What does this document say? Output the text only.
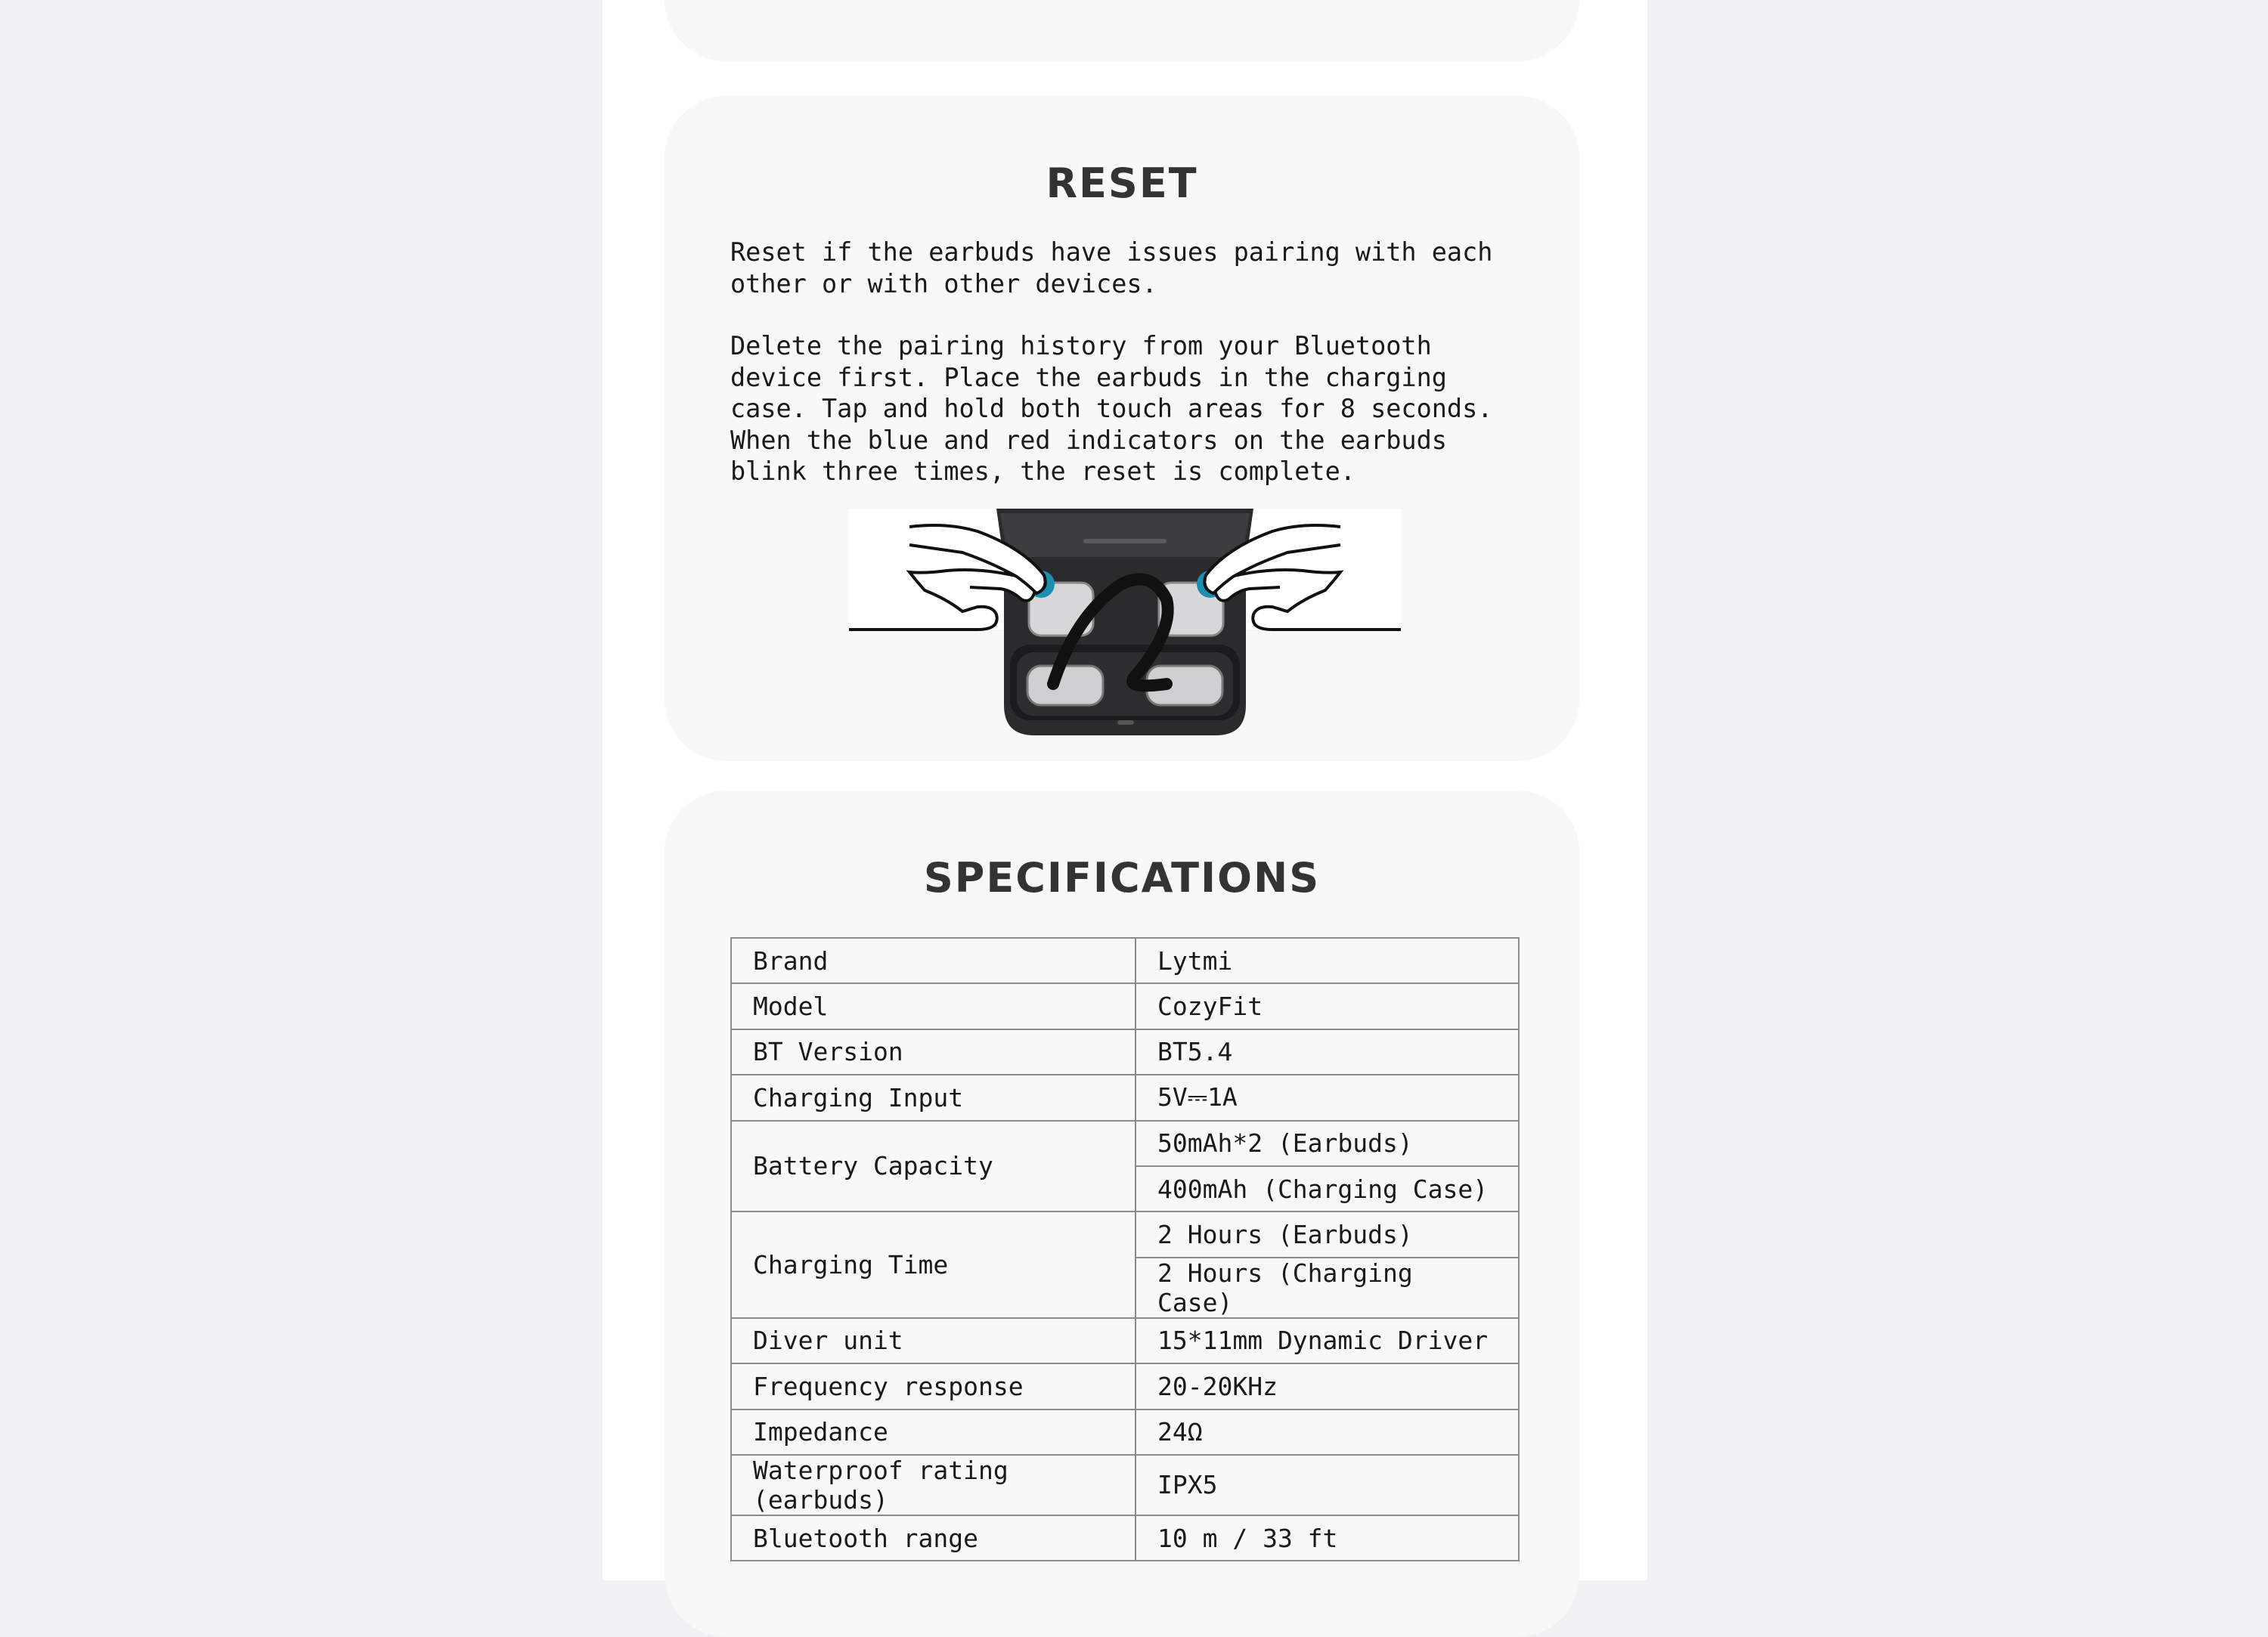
RESET

Reset if the earbuds have issues pairing with each other or with other devices.

Delete the pairing history from your Bluetooth device first. Place the earbuds in the charging case. Tap and hold both touch areas for 8 seconds. When the blue and red indicators on the earbuds blink three times, the reset is complete.

SPECIFICATIONS
Brand	Lytmi
Model	CozyFit
BT Version	BT5.4
Charging Input	5V⎓1A
Battery Capacity	50mAh*2 (Earbuds)
	400mAh (Charging Case)
Charging Time	2 Hours (Earbuds)
	2 Hours (Charging Case)
Diver unit	15*11mm Dynamic Driver
Frequency response	20-20KHz
Impedance	24Ω
Waterproof rating (earbuds)	IPX5
Bluetooth range	10 m / 33 ft
